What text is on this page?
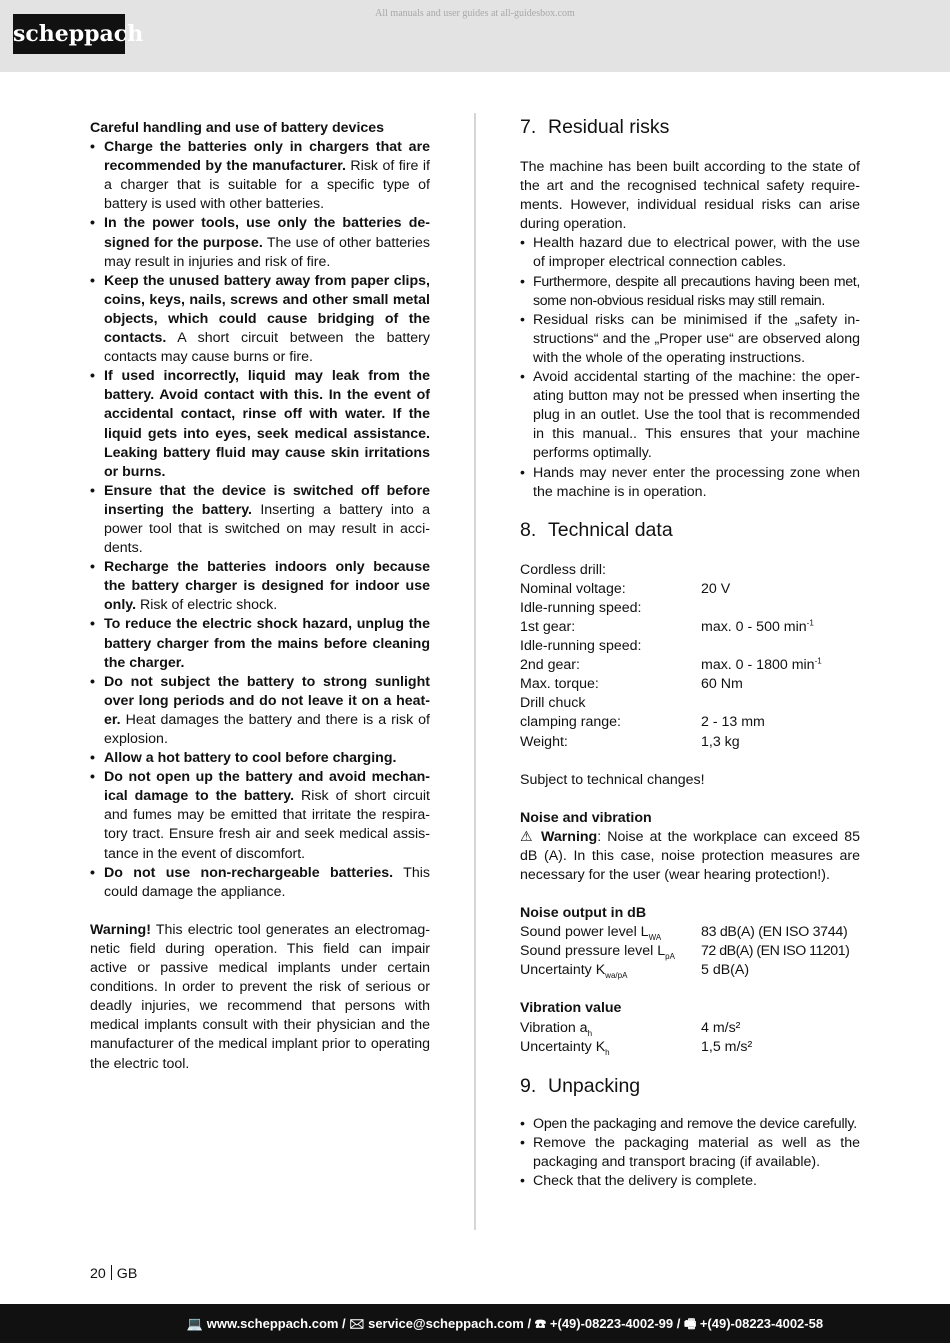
scheppach
All manuals and user guides at all-guidesbox.com
Careful handling and use of battery devices
• Charge the batteries only in chargers that are recommended by the manufacturer. Risk of fire if a charger that is suitable for a specific type of battery is used with other batteries.
• In the power tools, use only the batteries designed for the purpose. The use of other batteries may result in injuries and risk of fire.
• Keep the unused battery away from paper clips, coins, keys, nails, screws and other small metal objects, which could cause bridging of the contacts. A short circuit between the battery contacts may cause burns or fire.
• If used incorrectly, liquid may leak from the battery. Avoid contact with this. In the event of accidental contact, rinse off with water. If the liquid gets into eyes, seek medical assistance. Leaking battery fluid may cause skin irritations or burns.
• Ensure that the device is switched off before inserting the battery. Inserting a battery into a power tool that is switched on may result in accidents.
• Recharge the batteries indoors only because the battery charger is designed for indoor use only. Risk of electric shock.
• To reduce the electric shock hazard, unplug the battery charger from the mains before cleaning the charger.
• Do not subject the battery to strong sunlight over long periods and do not leave it on a heater. Heat damages the battery and there is a risk of explosion.
• Allow a hot battery to cool before charging.
• Do not open up the battery and avoid mechanical damage to the battery. Risk of short circuit and fumes may be emitted that irritate the respiratory tract. Ensure fresh air and seek medical assistance in the event of discomfort.
• Do not use non-rechargeable batteries. This could damage the appliance.

Warning! This electric tool generates an electromagnetic field during operation. This field can impair active or passive medical implants under certain conditions. In order to prevent the risk of serious or deadly injuries, we recommend that persons with medical implants consult with their physician and the manufacturer of the medical implant prior to operating the electric tool.

7. Residual risks

The machine has been built according to the state of the art and the recognised technical safety requirements. However, individual residual risks can arise during operation.

• Health hazard due to electrical power, with the use of improper electrical connection cables.
• Furthermore, despite all precautions having been met, some non-obvious residual risks may still remain.
• Residual risks can be minimised if the „safety instructions“ and the „Proper use“ are observed along with the whole of the operating instructions.
• Avoid accidental starting of the machine: the operating button may not be pressed when inserting the plug in an outlet. Use the tool that is recommended in this manual.. This ensures that your machine performs optimally.
• Hands may never enter the processing zone when the machine is in operation.
8. Technical data
Cordless drill:
Nominal voltage:	20 V
Idle-running speed:
1st gear:	max. 0 - 500 $\min^{-1}$
Idle-running speed:
2nd gear:	max. 0 - 1800 $\min^{-1}$
Max. torque:	60 Nm
Drill chuck
clamping range:	2 - 13 mm
Weight:	1,3 kg

Subject to technical changes!

Noise and vibration

⚠ Warning: Noise at the workplace can exceed 85 dB (A). In this case, noise protection measures are necessary for the user (wear hearing protection!).

Noise output in dB
Sound power level $L_{WA}$	83 dB(A) (EN ISO 3744)
Sound pressure level $L_{pA}$	72 dB(A) (EN ISO 11201)
Uncertainty $K_{wa/pA}$	5 dB(A)
Vibration value
Vibration $a_h$	4 m/s²
Uncertainty $K_h$	1,5 m/s²
9. Unpacking
• Open the packaging and remove the device carefully.
• Remove the packaging material as well as the packaging and transport bracing (if available).
• Check that the delivery is complete.
20 GB
💻 www.scheppach.com / 🖂 service@scheppach.com / ☎ +(49)-08223-4002-99 / 🖷 +(49)-08223-4002-58
